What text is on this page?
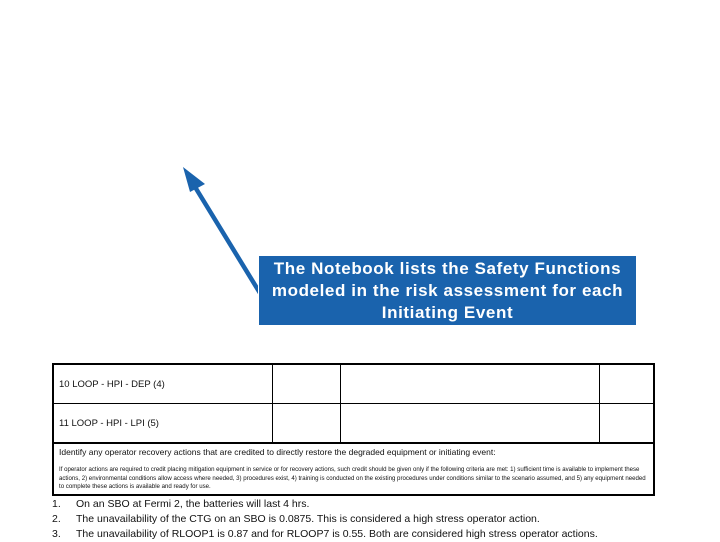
The Notebook lists the Safety Functions modeled in the risk assessment for each Initiating Event
10 LOOP - HPI - DEP (4)
11 LOOP - HPI - LPI (5)
Identify any operator recovery actions that are credited to directly restore the degraded equipment or initiating event:
If operator actions are required to credit placing mitigation equipment in service or for recovery actions, such credit should be given only if the following criteria are met: 1) sufficient time is available to implement these actions, 2) environmental conditions allow access where needed, 3) procedures exist, 4) training is conducted on the existing procedures under conditions similar to the scenario assumed, and 5) any equipment needed to complete these actions is available and ready for use.
1.	On an SBO at Fermi 2, the batteries will last 4 hrs.
2.	The unavailability of the CTG on an SBO is 0.0875. This is considered a high stress operator action.
3.	The unavailability of RLOOP1 is 0.87 and for RLOOP7 is 0.55. Both are considered high stress operator actions.
